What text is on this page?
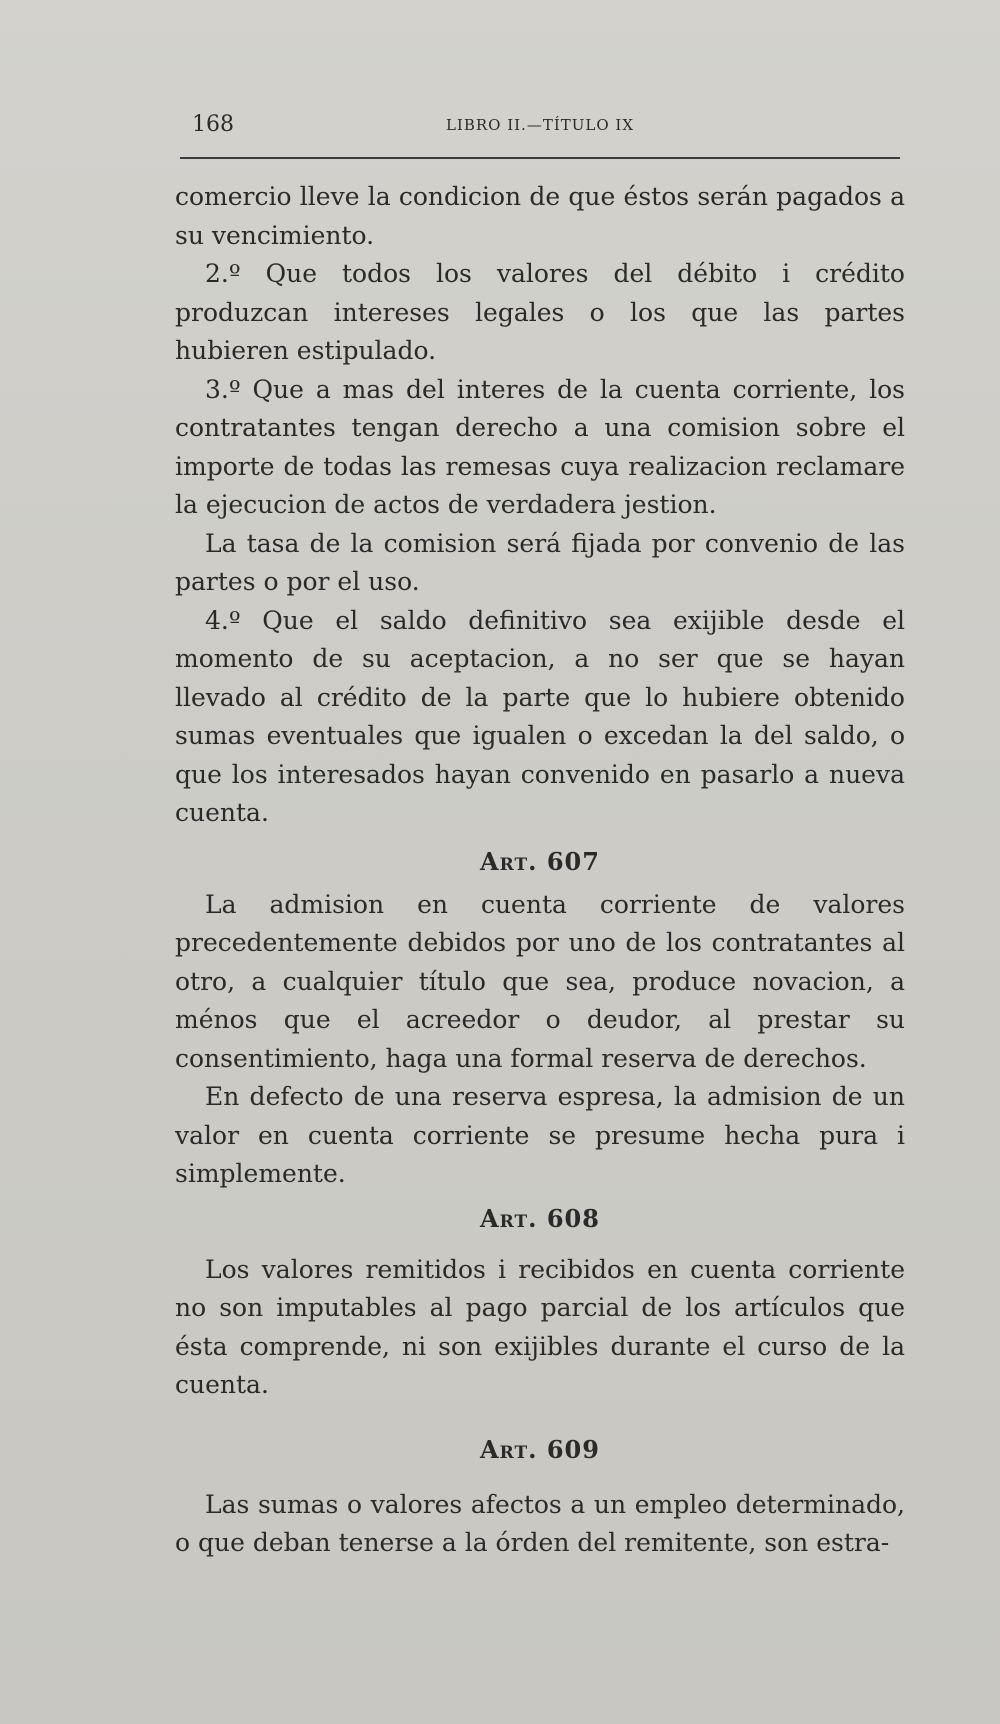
168	LIBRO II.—TÍTULO IX

comercio lleve la condicion de que éstos serán pagados a su vencimiento.

2.º Que todos los valores del débito i crédito produzcan intereses legales o los que las partes hubieren estipulado.

3.º Que a mas del interes de la cuenta corriente, los contratantes tengan derecho a una comision sobre el importe de todas las remesas cuya realizacion reclamare la ejecucion de actos de verdadera jestion.

La tasa de la comision será fijada por convenio de las partes o por el uso.

4.º Que el saldo definitivo sea exijible desde el momento de su aceptacion, a no ser que se hayan llevado al crédito de la parte que lo hubiere obtenido sumas eventuales que igualen o excedan la del saldo, o que los interesados hayan convenido en pasarlo a nueva cuenta.

Art. 607

La admision en cuenta corriente de valores precedentemente debidos por uno de los contratantes al otro, a cualquier título que sea, produce novacion, a ménos que el acreedor o deudor, al prestar su consentimiento, haga una formal reserva de derechos.

En defecto de una reserva espresa, la admision de un valor en cuenta corriente se presume hecha pura i simplemente.

Art. 608

Los valores remitidos i recibidos en cuenta corriente no son imputables al pago parcial de los artículos que ésta comprende, ni son exijibles durante el curso de la cuenta.

Art. 609

Las sumas o valores afectos a un empleo determinado, o que deban tenerse a la órden del remitente, son estra-
